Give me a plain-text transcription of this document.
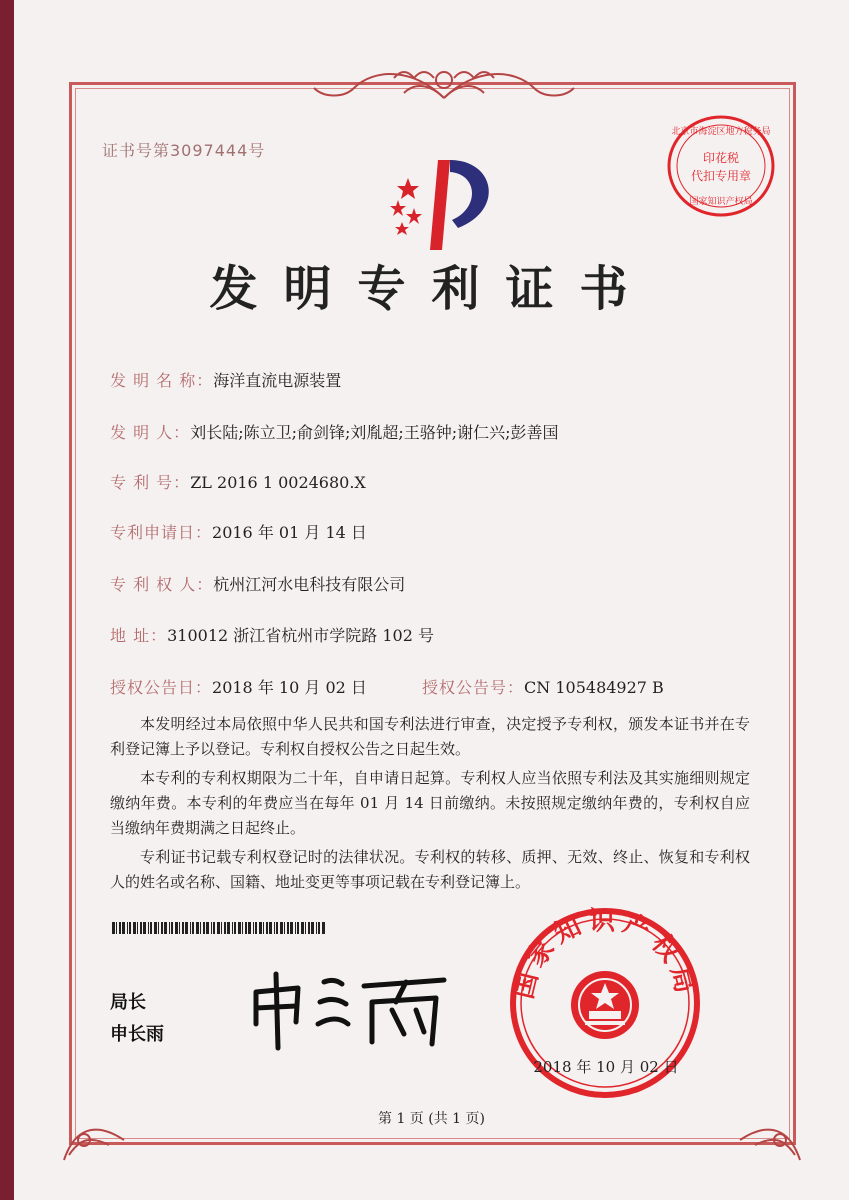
证书号第3097444号
北京市海淀区地方税务局
印花税
代扣专用章
国家知识产权局
发明专利证书
发 明 名 称：海洋直流电源装置
发 明 人：刘长陆;陈立卫;俞剑锋;刘胤超;王骆钟;谢仁兴;彭善国
专 利 号：ZL 2016 1 0024680.X
专利申请日：2016 年 01 月 14 日
专 利 权 人：杭州江河水电科技有限公司
地 址：310012 浙江省杭州市学院路 102 号
授权公告日：2018 年 10 月 02 日	授权公告号：CN 105484927 B

本发明经过本局依照中华人民共和国专利法进行审查，决定授予专利权，颁发本证书并在专利登记簿上予以登记。专利权自授权公告之日起生效。

本专利的专利权期限为二十年，自申请日起算。专利权人应当依照专利法及其实施细则规定缴纳年费。本专利的年费应当在每年 01 月 14 日前缴纳。未按照规定缴纳年费的，专利权自应当缴纳年费期满之日起终止。

专利证书记载专利权登记时的法律状况。专利权的转移、质押、无效、终止、恢复和专利权人的姓名或名称、国籍、地址变更等事项记载在专利登记簿上。

局长
申长雨
国家知识产权局
2018 年 10 月 02 日
第 1 页 (共 1 页)
